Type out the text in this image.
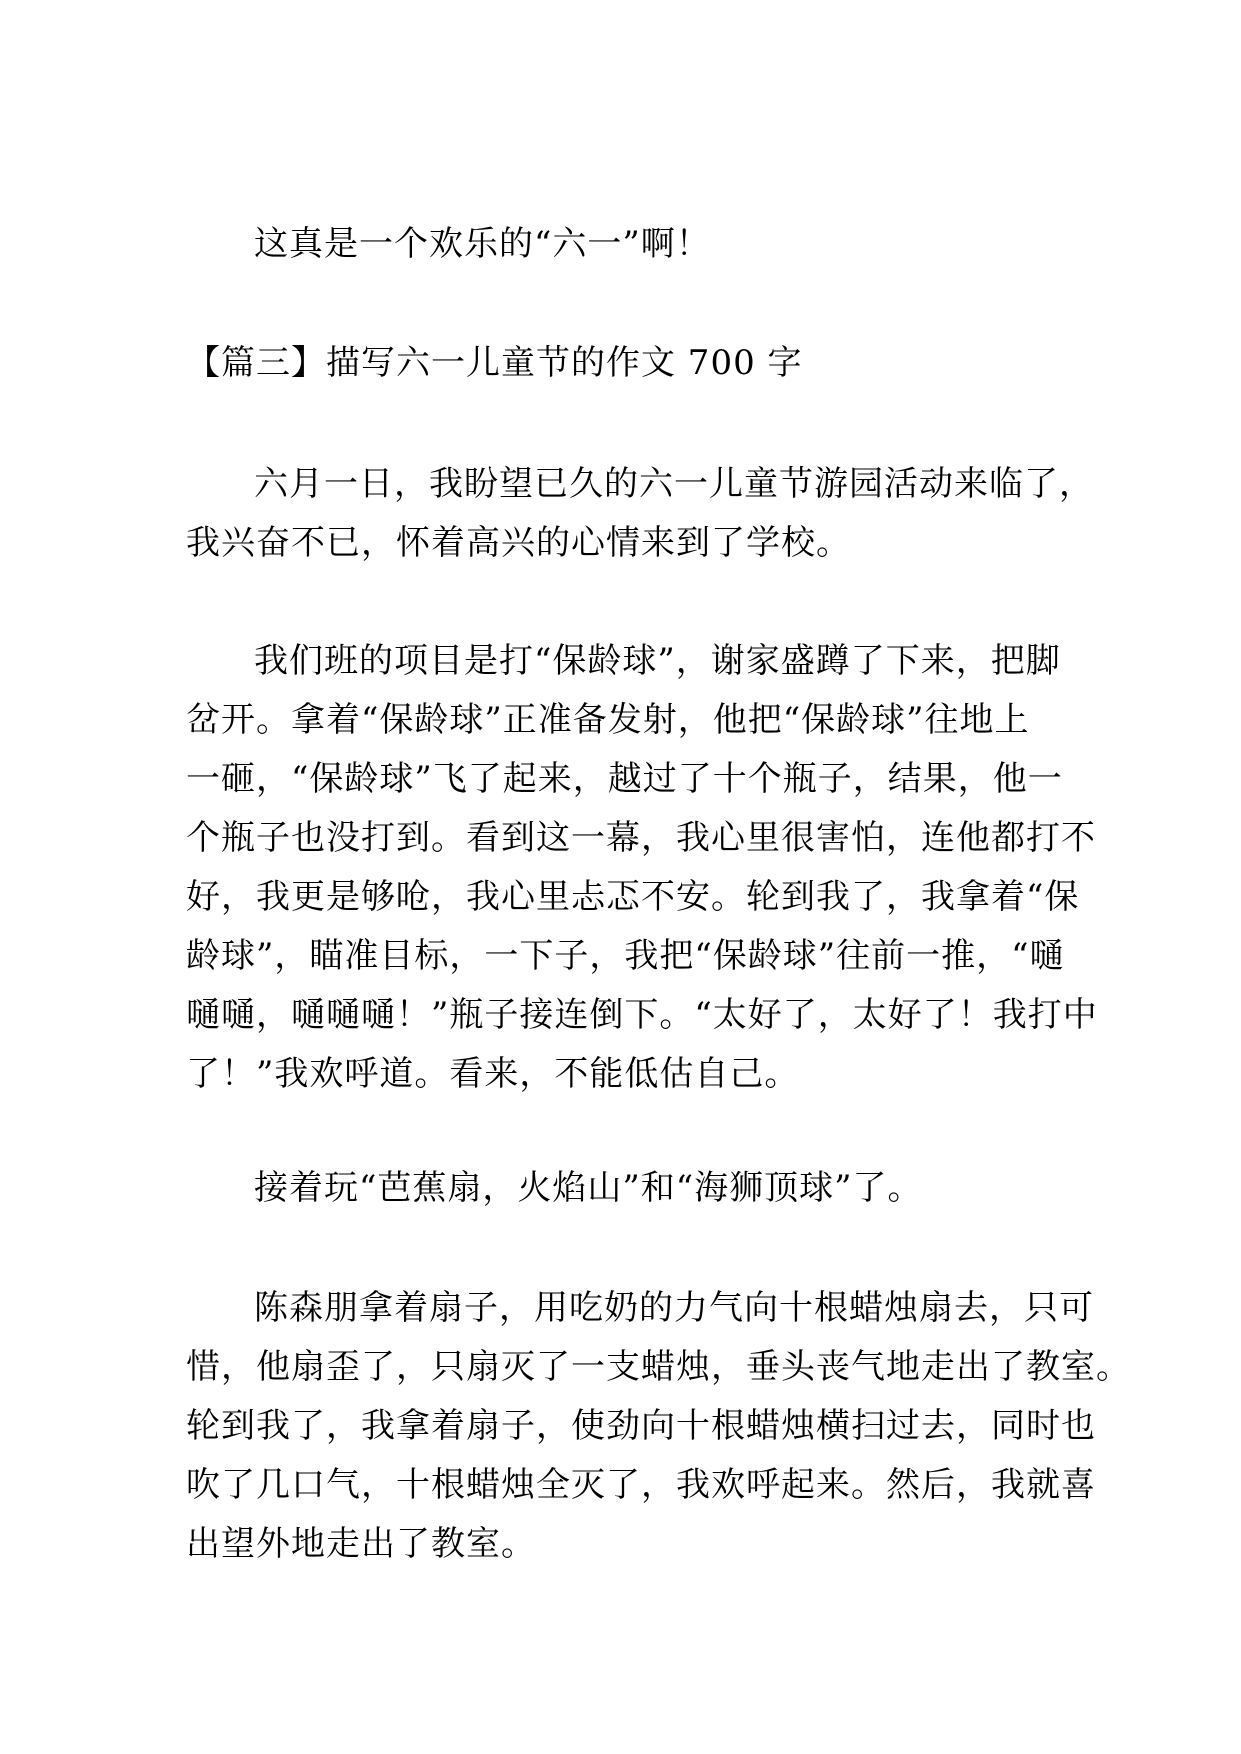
这真是一个欢乐的“六一”啊！

【篇三】描写六一儿童节的作文 700 字

六月一日，我盼望已久的六一儿童节游园活动来临了，
我兴奋不已，怀着高兴的心情来到了学校。

我们班的项目是打“保龄球”，谢家盛蹲了下来，把脚
岔开。拿着“保龄球”正准备发射，他把“保龄球”往地上
一砸，“保龄球”飞了起来，越过了十个瓶子，结果，他一
个瓶子也没打到。看到这一幕，我心里很害怕，连他都打不
好，我更是够呛，我心里忐忑不安。轮到我了，我拿着“保
龄球”，瞄准目标，一下子，我把“保龄球”往前一推，“嗵
嗵嗵，嗵嗵嗵！”瓶子接连倒下。“太好了，太好了！我打中
了！”我欢呼道。看来，不能低估自己。

接着玩“芭蕉扇，火焰山”和“海狮顶球”了。

陈森朋拿着扇子，用吃奶的力气向十根蜡烛扇去，只可
惜，他扇歪了，只扇灭了一支蜡烛，垂头丧气地走出了教室。
轮到我了，我拿着扇子，使劲向十根蜡烛横扫过去，同时也
吹了几口气，十根蜡烛全灭了，我欢呼起来。然后，我就喜
出望外地走出了教室。
